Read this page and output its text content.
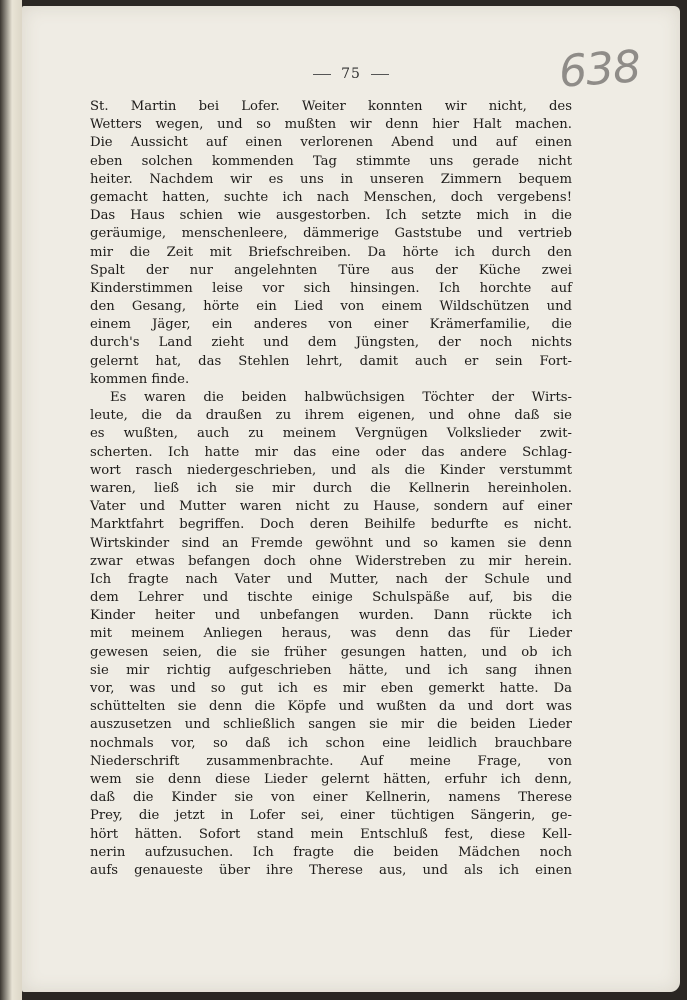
75	638
St. Martin bei Lofer. Weiter konnten wir nicht, des
Wetters wegen, und so mußten wir denn hier Halt machen.
Die Aussicht auf einen verlorenen Abend und auf einen
eben solchen kommenden Tag stimmte uns gerade nicht
heiter. Nachdem wir es uns in unseren Zimmern bequem
gemacht hatten, suchte ich nach Menschen, doch vergebens!
Das Haus schien wie ausgestorben. Ich setzte mich in die
geräumige, menschenleere, dämmerige Gaststube und vertrieb
mir die Zeit mit Briefschreiben. Da hörte ich durch den
Spalt der nur angelehnten Türe aus der Küche zwei
Kinderstimmen leise vor sich hinsingen. Ich horchte auf
den Gesang, hörte ein Lied von einem Wildschützen und
einem Jäger, ein anderes von einer Krämerfamilie, die
durch's Land zieht und dem Jüngsten, der noch nichts
gelernt hat, das Stehlen lehrt, damit auch er sein Fort-
kommen finde.
Es waren die beiden halbwüchsigen Töchter der Wirts-
leute, die da draußen zu ihrem eigenen, und ohne daß sie
es wußten, auch zu meinem Vergnügen Volkslieder zwit-
scherten. Ich hatte mir das eine oder das andere Schlag-
wort rasch niedergeschrieben, und als die Kinder verstummt
waren, ließ ich sie mir durch die Kellnerin hereinholen.
Vater und Mutter waren nicht zu Hause, sondern auf einer
Marktfahrt begriffen. Doch deren Beihilfe bedurfte es nicht.
Wirtskinder sind an Fremde gewöhnt und so kamen sie denn
zwar etwas befangen doch ohne Widerstreben zu mir herein.
Ich fragte nach Vater und Mutter, nach der Schule und
dem Lehrer und tischte einige Schulspäße auf, bis die
Kinder heiter und unbefangen wurden. Dann rückte ich
mit meinem Anliegen heraus, was denn das für Lieder
gewesen seien, die sie früher gesungen hatten, und ob ich
sie mir richtig aufgeschrieben hätte, und ich sang ihnen
vor, was und so gut ich es mir eben gemerkt hatte. Da
schüttelten sie denn die Köpfe und wußten da und dort was
auszusetzen und schließlich sangen sie mir die beiden Lieder
nochmals vor, so daß ich schon eine leidlich brauchbare
Niederschrift zusammenbrachte. Auf meine Frage, von
wem sie denn diese Lieder gelernt hätten, erfuhr ich denn,
daß die Kinder sie von einer Kellnerin, namens Therese
Prey, die jetzt in Lofer sei, einer tüchtigen Sängerin, ge-
hört hätten. Sofort stand mein Entschluß fest, diese Kell-
nerin aufzusuchen. Ich fragte die beiden Mädchen noch
aufs genaueste über ihre Therese aus, und als ich einen
